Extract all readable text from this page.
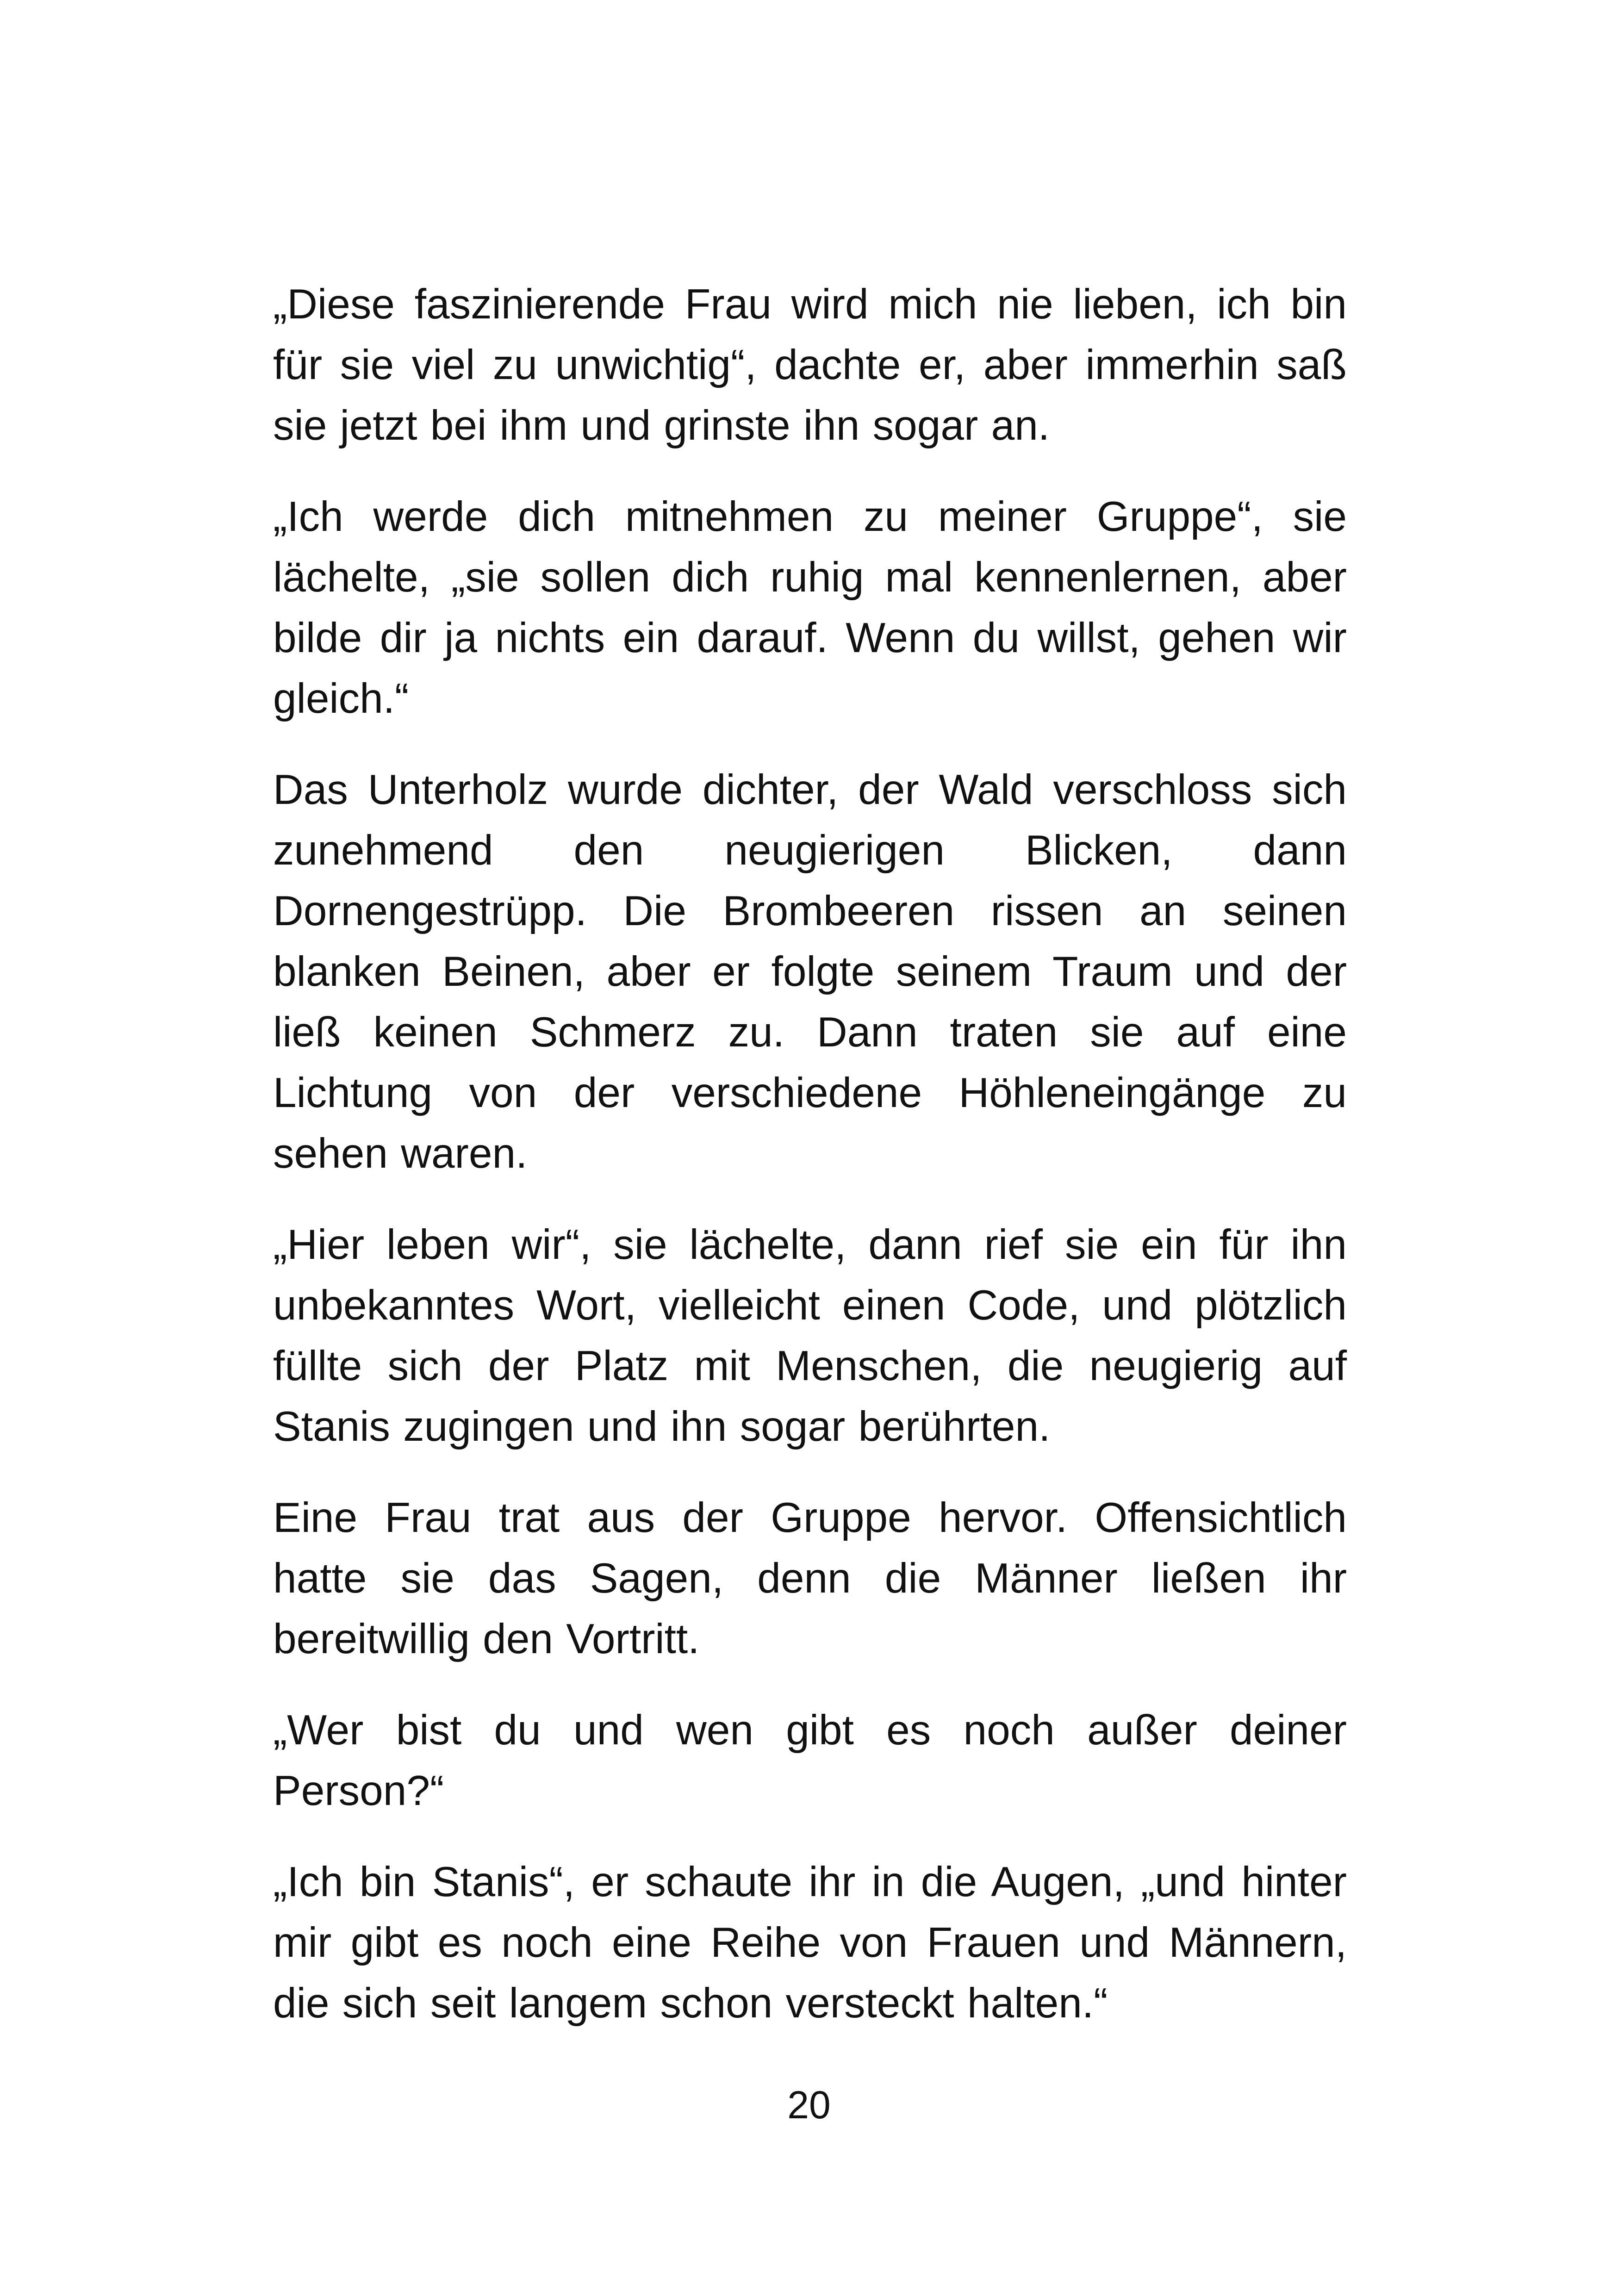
„Diese faszinierende Frau wird mich nie lieben, ich bin für sie viel zu unwichtig“, dachte er, aber immerhin saß sie jetzt bei ihm und grinste ihn sogar an.

„Ich werde dich mitnehmen zu meiner Gruppe“, sie lächelte, „sie sollen dich ruhig mal kennenlernen, aber bilde dir ja nichts ein darauf. Wenn du willst, gehen wir gleich.“

Das Unterholz wurde dichter, der Wald verschloss sich zunehmend den neugierigen Blicken, dann Dornengestrüpp. Die Brombeeren rissen an seinen blanken Beinen, aber er folgte seinem Traum und der ließ keinen Schmerz zu. Dann traten sie auf eine Lichtung von der verschiedene Höhleneingänge zu sehen waren.

„Hier leben wir“, sie lächelte, dann rief sie ein für ihn unbekanntes Wort, vielleicht einen Code, und plötzlich füllte sich der Platz mit Menschen, die neugierig auf Stanis zugingen und ihn sogar berührten.

Eine Frau trat aus der Gruppe hervor. Offensichtlich hatte sie das Sagen, denn die Männer ließen ihr bereitwillig den Vortritt.

„Wer bist du und wen gibt es noch außer deiner Person?“

„Ich bin Stanis“, er schaute ihr in die Augen, „und hinter mir gibt es noch eine Reihe von Frauen und Männern, die sich seit langem schon versteckt halten.“

20
